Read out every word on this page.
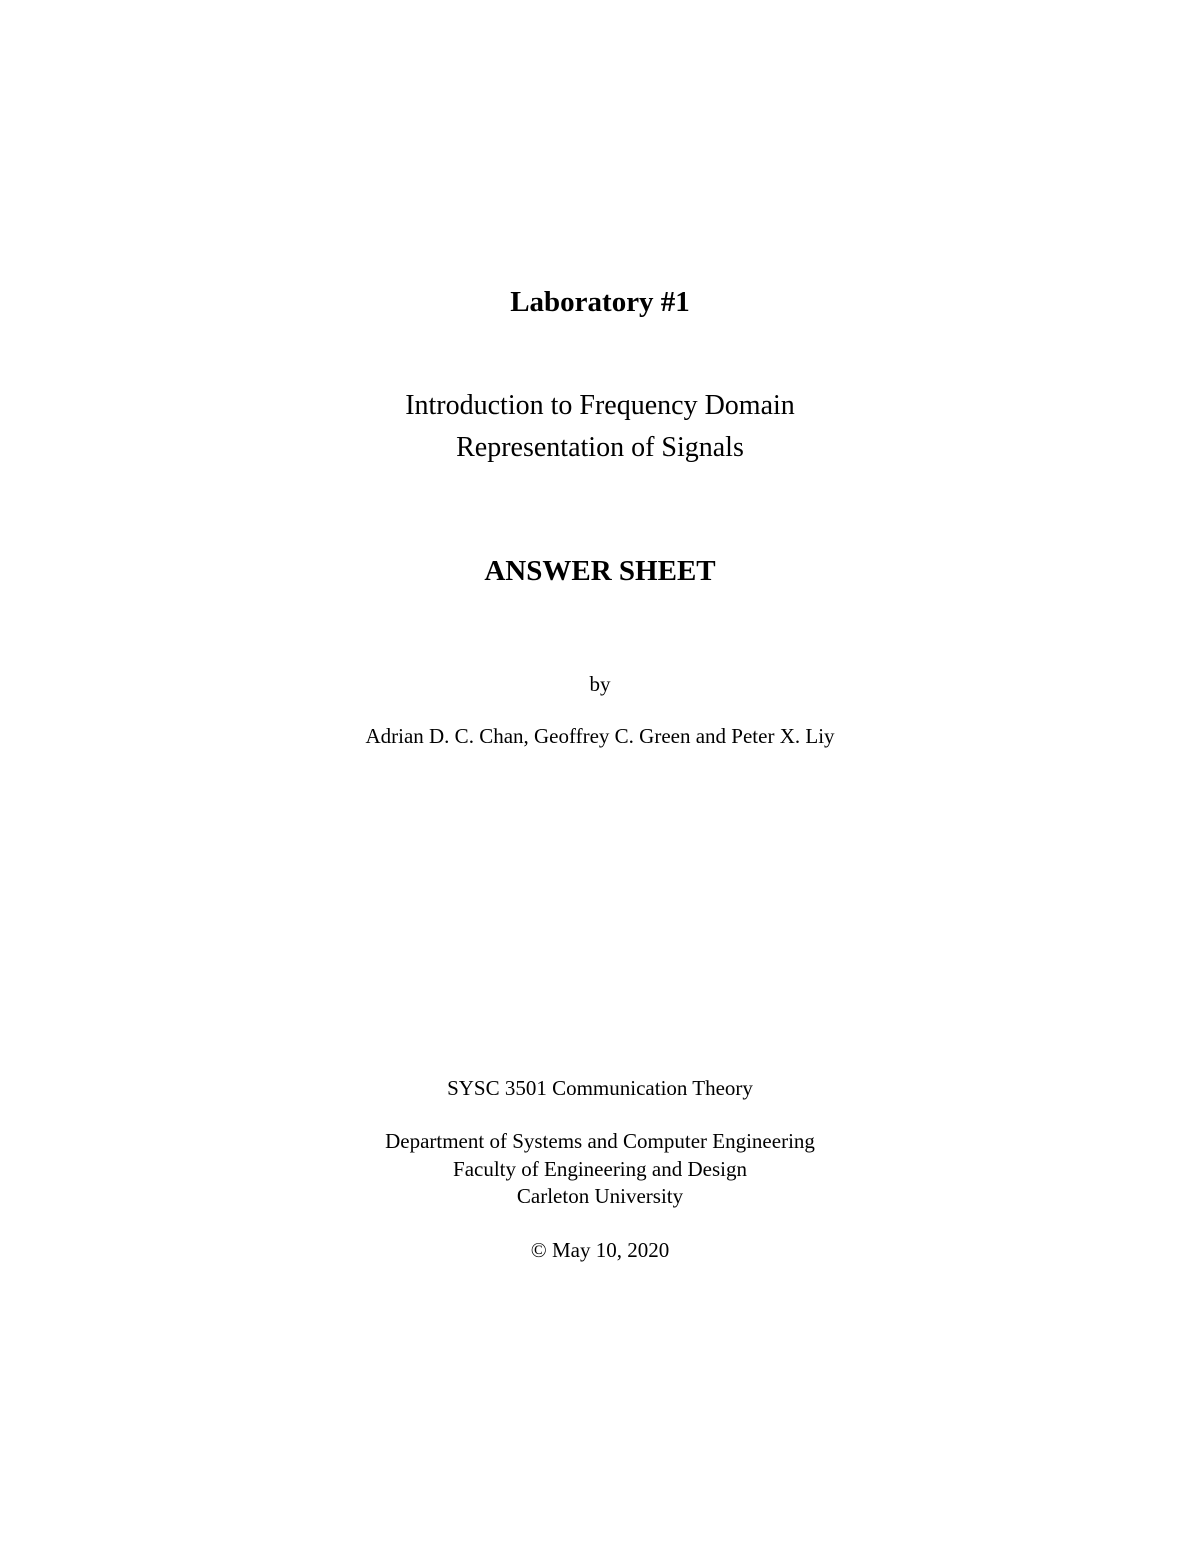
Laboratory #1
Introduction to Frequency Domain
Representation of Signals
ANSWER SHEET
by
Adrian D. C. Chan, Geoffrey C. Green and Peter X. Liy
SYSC 3501 Communication Theory
Department of Systems and Computer Engineering
Faculty of Engineering and Design
Carleton University
© May 10, 2020
